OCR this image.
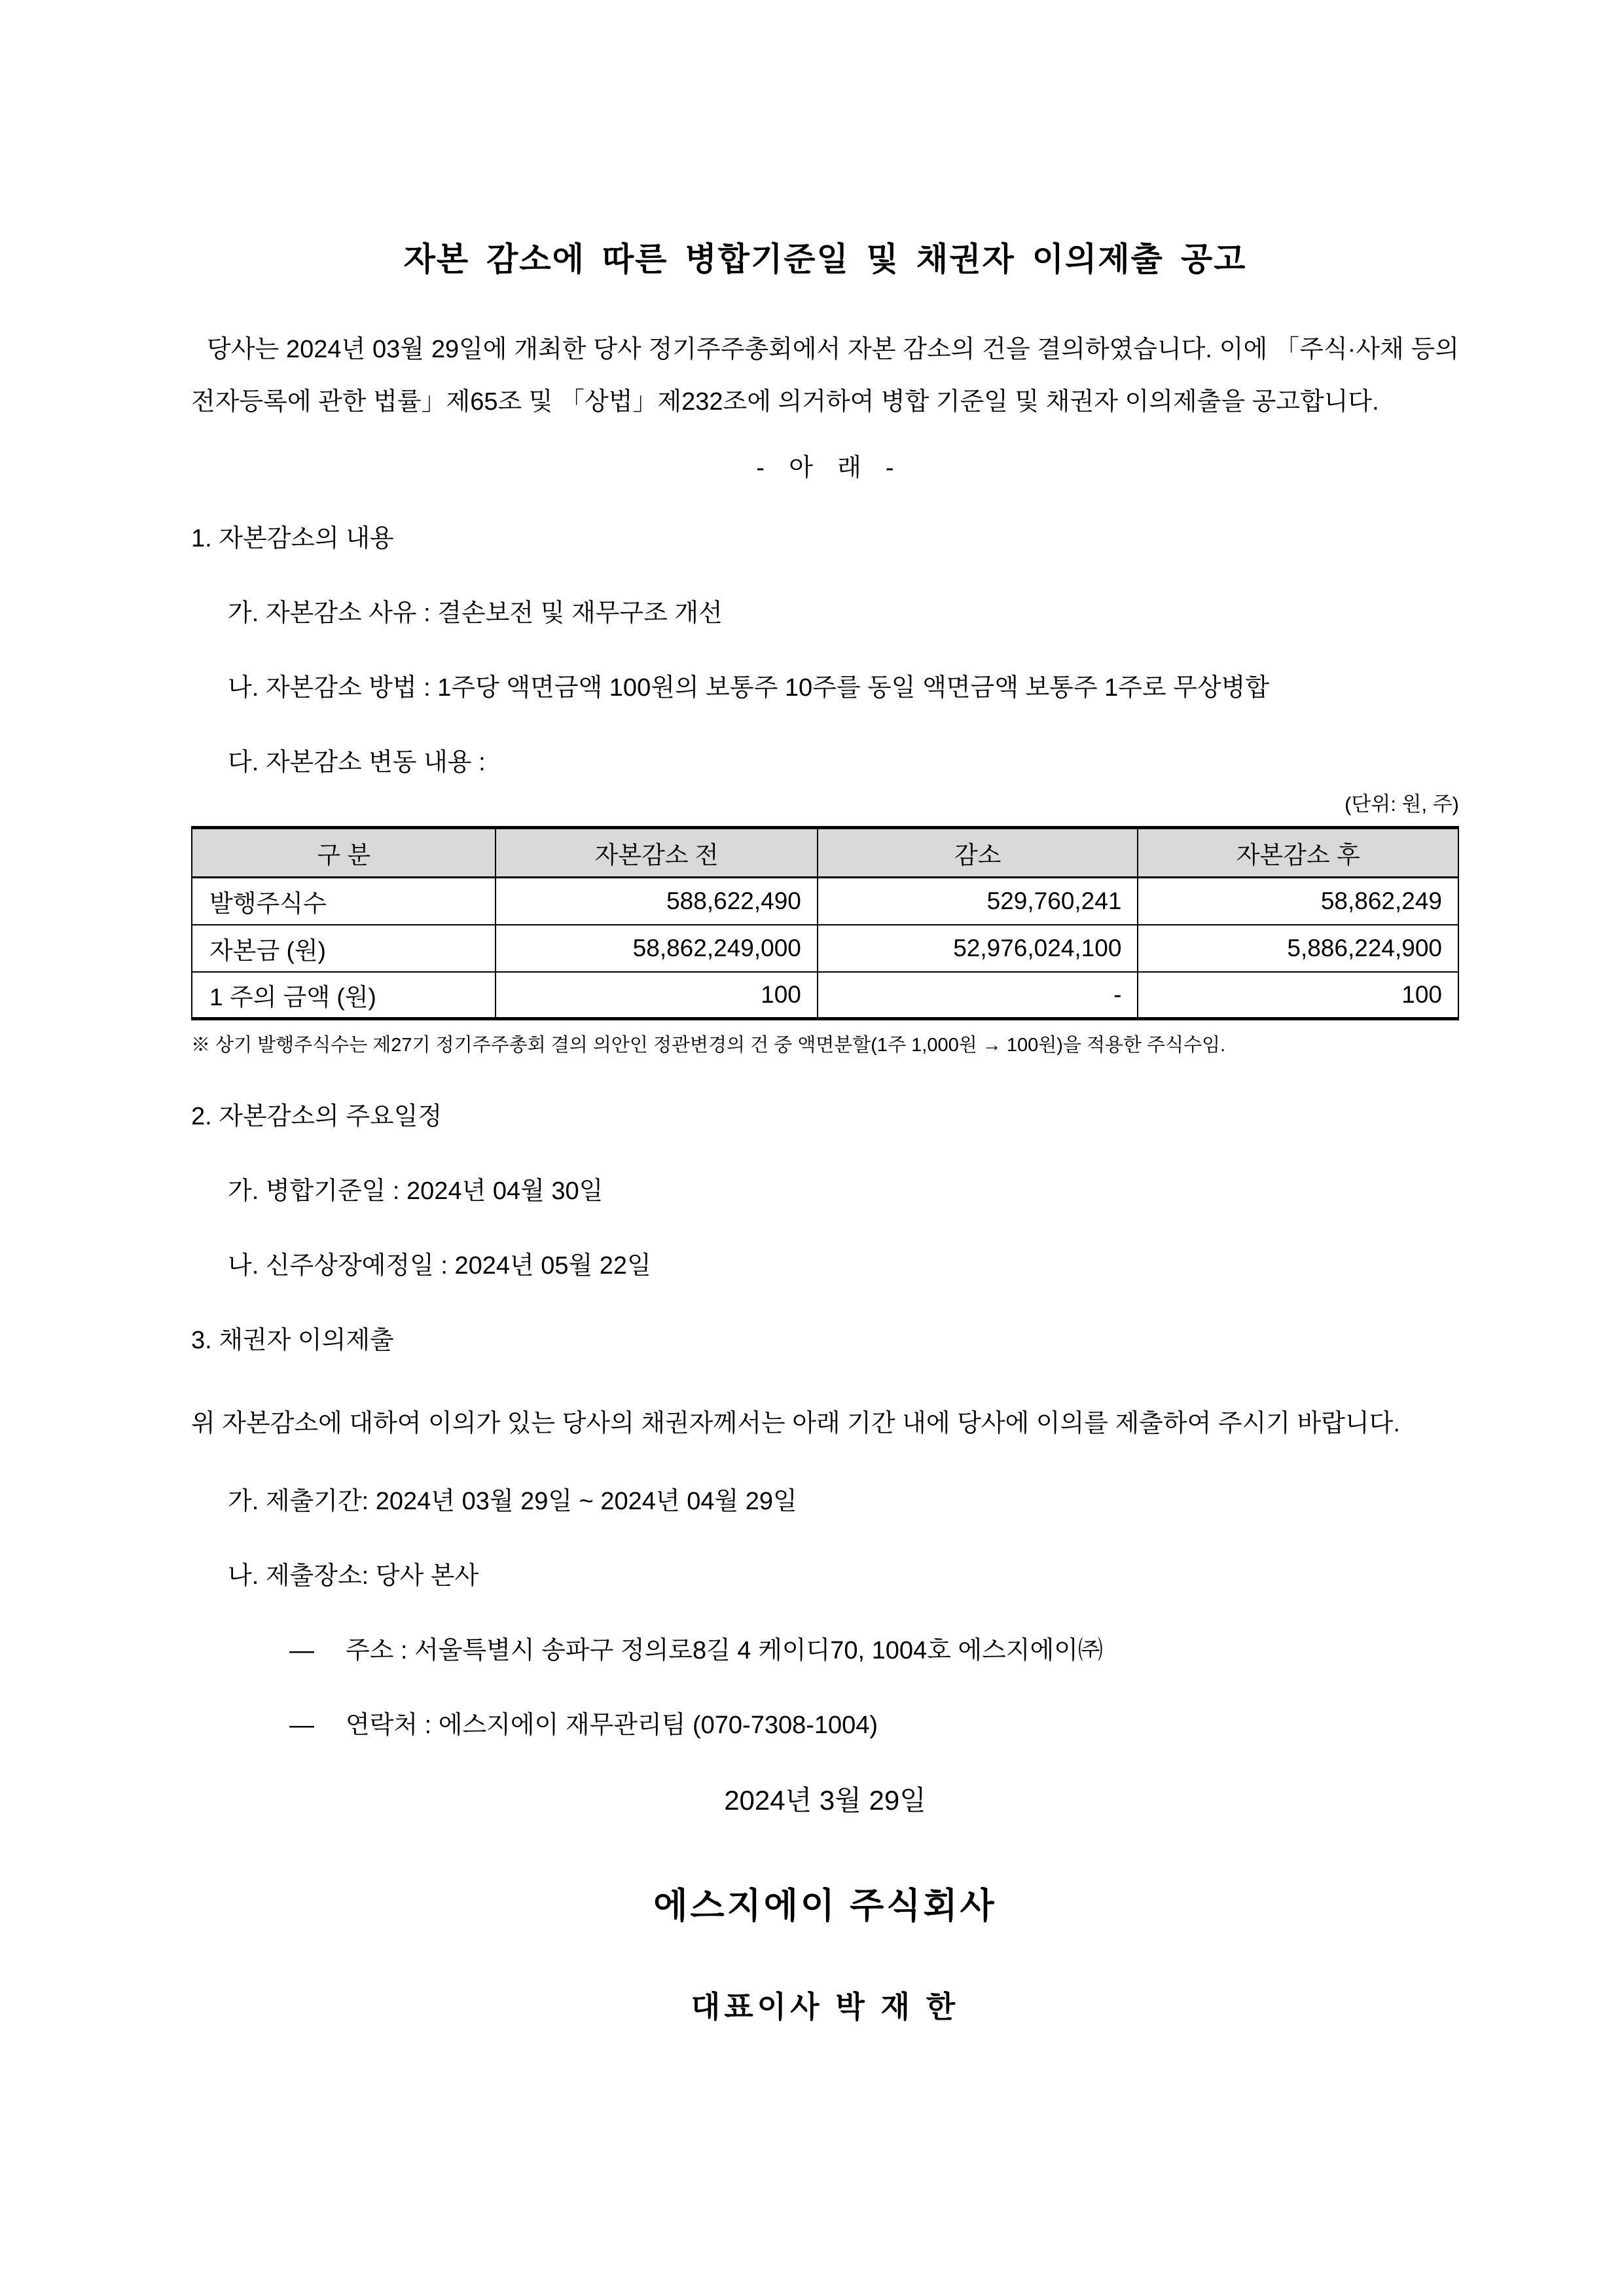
자본 감소에 따른 병합기준일 및 채권자 이의제출 공고

당사는 2024년 03월 29일에 개최한 당사 정기주주총회에서 자본 감소의 건을 결의하였습니다. 이에 「주식·사채 등의 전자등록에 관한 법률」제65조 및 「상법」제232조에 의거하여 병합 기준일 및 채권자 이의제출을 공고합니다.

- 아 래 -

1. 자본감소의 내용

가. 자본감소 사유 : 결손보전 및 재무구조 개선

나. 자본감소 방법 : 1주당 액면금액 100원의 보통주 10주를 동일 액면금액 보통주 1주로 무상병합

다. 자본감소 변동 내용 :

(단위: 원, 주)

구 분	자본감소 전	감소	자본감소 후
발행주식수	588,622,490	529,760,241	58,862,249
자본금 (원)	58,862,249,000	52,976,024,100	5,886,224,900
1 주의 금액 (원)	100	-	100

※ 상기 발행주식수는 제27기 정기주주총회 결의 의안인 정관변경의 건 중 액면분할(1주 1,000원 → 100원)을 적용한 주식수임.

2. 자본감소의 주요일정

가. 병합기준일 : 2024년 04월 30일

나. 신주상장예정일 : 2024년 05월 22일

3. 채권자 이의제출

위 자본감소에 대하여 이의가 있는 당사의 채권자께서는 아래 기간 내에 당사에 이의를 제출하여 주시기 바랍니다.

가. 제출기간: 2024년 03월 29일 ~ 2024년 04월 29일

나. 제출장소: 당사 본사

— 주소 : 서울특별시 송파구 정의로8길 4 케이디70, 1004호 에스지에이㈜
— 연락처 : 에스지에이 재무관리팀 (070-7308-1004)

2024년 3월 29일

에스지에이 주식회사

대표이사 박 재 한
